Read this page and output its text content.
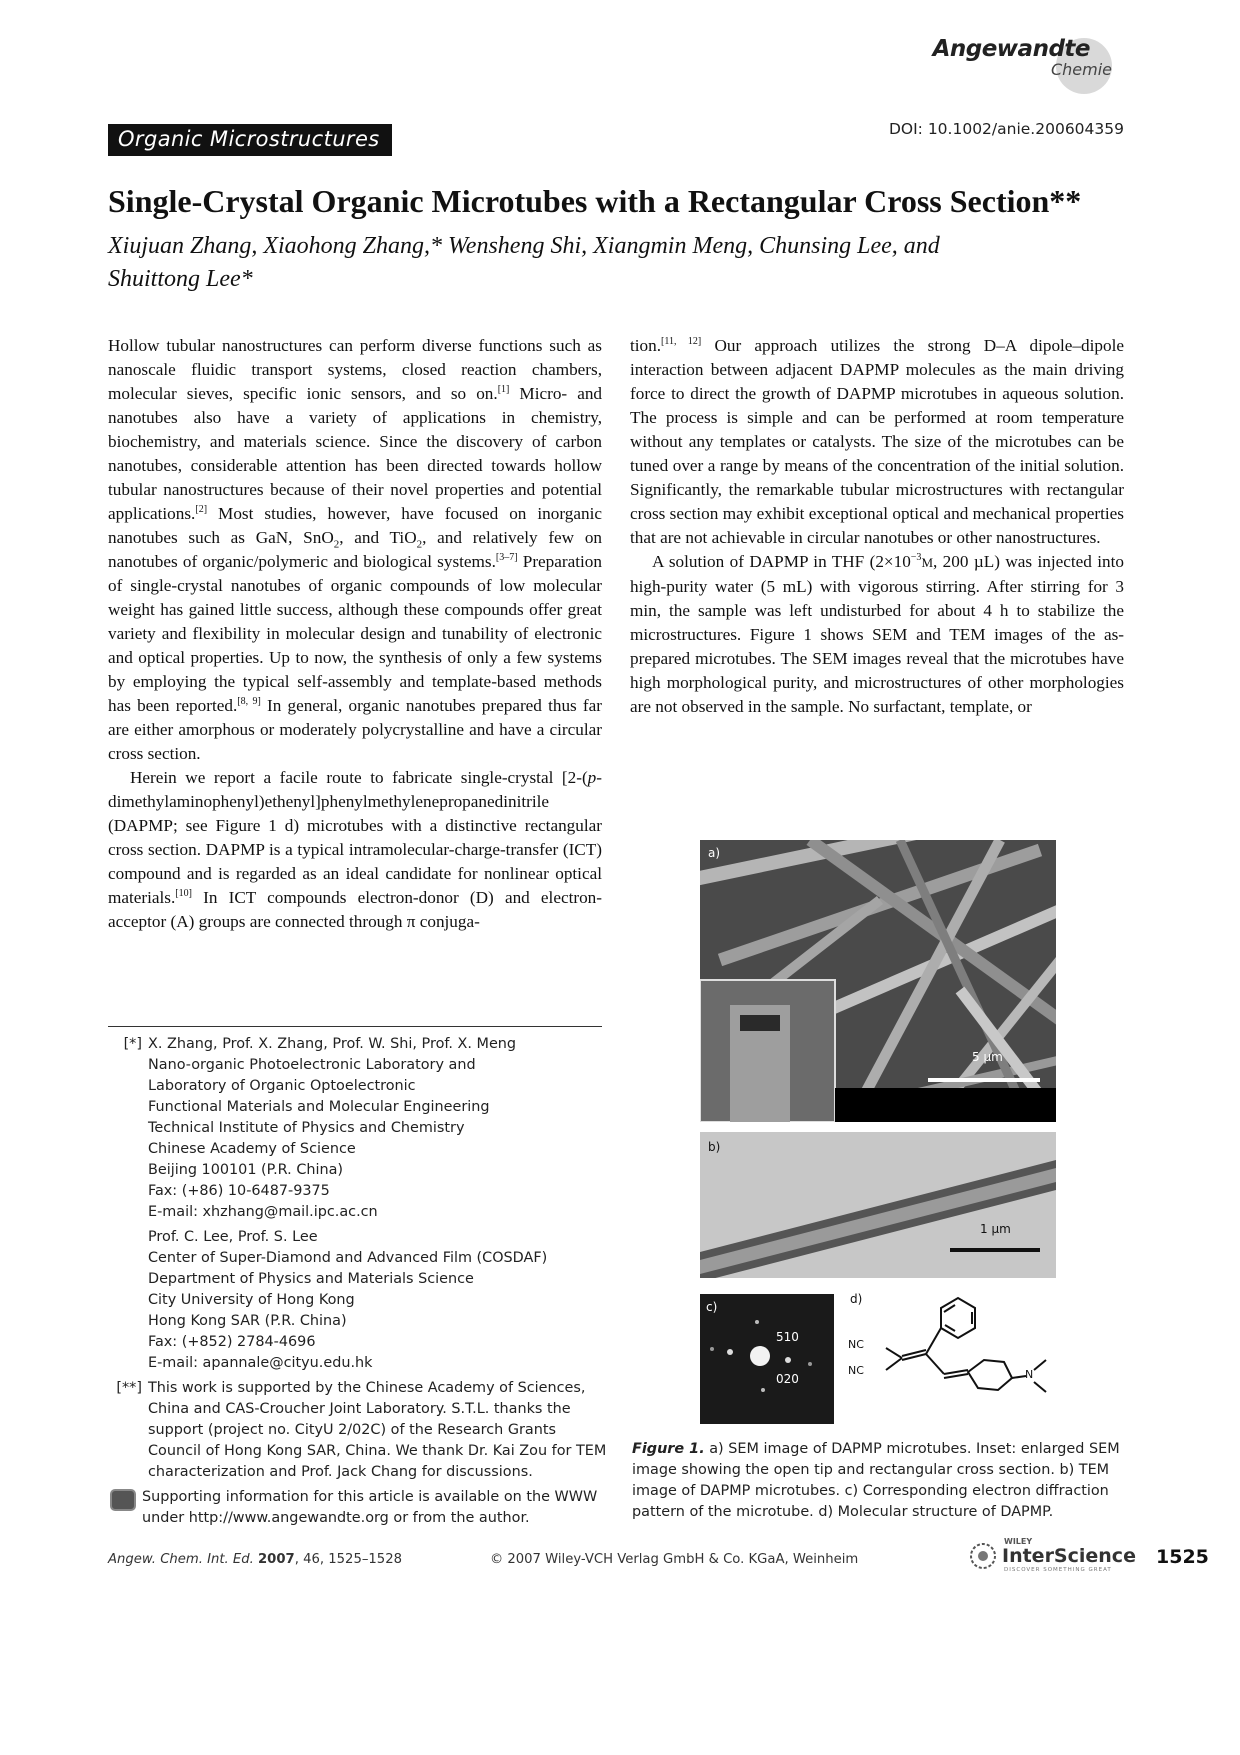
Angewandte
Chemie
DOI: 10.1002/anie.200604359
Organic Microstructures
Single-Crystal Organic Microtubes with a Rectangular Cross Section**
Xiujuan Zhang, Xiaohong Zhang,* Wensheng Shi, Xiangmin Meng, Chunsing Lee, and
Shuittong Lee*

Hollow tubular nanostructures can perform diverse functions such as nanoscale fluidic transport systems, closed reaction chambers, molecular sieves, specific ionic sensors, and so on.[1] Micro- and nanotubes also have a variety of applications in chemistry, biochemistry, and materials science. Since the discovery of carbon nanotubes, considerable attention has been directed towards hollow tubular nanostructures because of their novel properties and potential applications.[2] Most studies, however, have focused on inorganic nanotubes such as GaN, SnO$_2$, and TiO$_2$, and relatively few on nanotubes of organic/polymeric and biological systems.[3–7] Preparation of single-crystal nanotubes of organic compounds of low molecular weight has gained little success, although these compounds offer great variety and flexibility in molecular design and tunability of electronic and optical properties. Up to now, the synthesis of only a few systems by employing the typical self-assembly and template-based methods has been reported.[8, 9] In general, organic nanotubes prepared thus far are either amorphous or moderately polycrystalline and have a circular cross section.

Herein we report a facile route to fabricate single-crystal [2-(p-dimethylaminophenyl)ethenyl]phenylmethylenepropanedinitrile (DAPMP; see Figure 1 d) microtubes with a distinctive rectangular cross section. DAPMP is a typical intramolecular-charge-transfer (ICT) compound and is regarded as an ideal candidate for nonlinear optical materials.[10] In ICT compounds electron-donor (D) and electron-acceptor (A) groups are connected through π conjuga-

tion.[11, 12] Our approach utilizes the strong D–A dipole–dipole interaction between adjacent DAPMP molecules as the main driving force to direct the growth of DAPMP microtubes in aqueous solution. The process is simple and can be performed at room temperature without any templates or catalysts. The size of the microtubes can be tuned over a range by means of the concentration of the initial solution. Significantly, the remarkable tubular microstructures with rectangular cross section may exhibit exceptional optical and mechanical properties that are not achievable in circular nanotubes or other nanostructures.

A solution of DAPMP in THF ($2\times 10^{-3}M$, 200 µL) was injected into high-purity water (5 mL) with vigorous stirring. After stirring for 3 min, the sample was left undisturbed for about 4 h to stabilize the microstructures. Figure 1 shows SEM and TEM images of the as-prepared microtubes. The SEM images reveal that the microtubes have high morphological purity, and microstructures of other morphologies are not observed in the sample. No surfactant, template, or

[*] X. Zhang, Prof. X. Zhang, Prof. W. Shi, Prof. X. Meng
Nano-organic Photoelectronic Laboratory and
Laboratory of Organic Optoelectronic
Functional Materials and Molecular Engineering
Technical Institute of Physics and Chemistry
Chinese Academy of Science
Beijing 100101 (P.R. China)
Fax: (+86) 10-6487-9375
E-mail: xhzhang@mail.ipc.ac.cn
Prof. C. Lee, Prof. S. Lee
Center of Super-Diamond and Advanced Film (COSDAF)
Department of Physics and Materials Science
City University of Hong Kong
Hong Kong SAR (P.R. China)
Fax: (+852) 2784-4696
E-mail: apannale@cityu.edu.hk
[**] This work is supported by the Chinese Academy of Sciences, China and CAS-Croucher Joint Laboratory. S.T.L. thanks the support (project no. CityU 2/02C) of the Research Grants Council of Hong Kong SAR, China. We thank Dr. Kai Zou for TEM characterization and Prof. Jack Chang for discussions.
Supporting information for this article is available on the WWW under http://www.angewandte.org or from the author.
a)
5 µm
b)
1 µm
c)
510
020
d)
NC
NC	N
Figure 1. a) SEM image of DAPMP microtubes. Inset: enlarged SEM image showing the open tip and rectangular cross section. b) TEM image of DAPMP microtubes. c) Corresponding electron diffraction pattern of the microtube. d) Molecular structure of DAPMP.
Angew. Chem. Int. Ed. 2007, 46, 1525–1528	© 2007 Wiley-VCH Verlag GmbH & Co. KGaA, Weinheim
WILEY
InterScience
DISCOVER SOMETHING GREAT
1525
